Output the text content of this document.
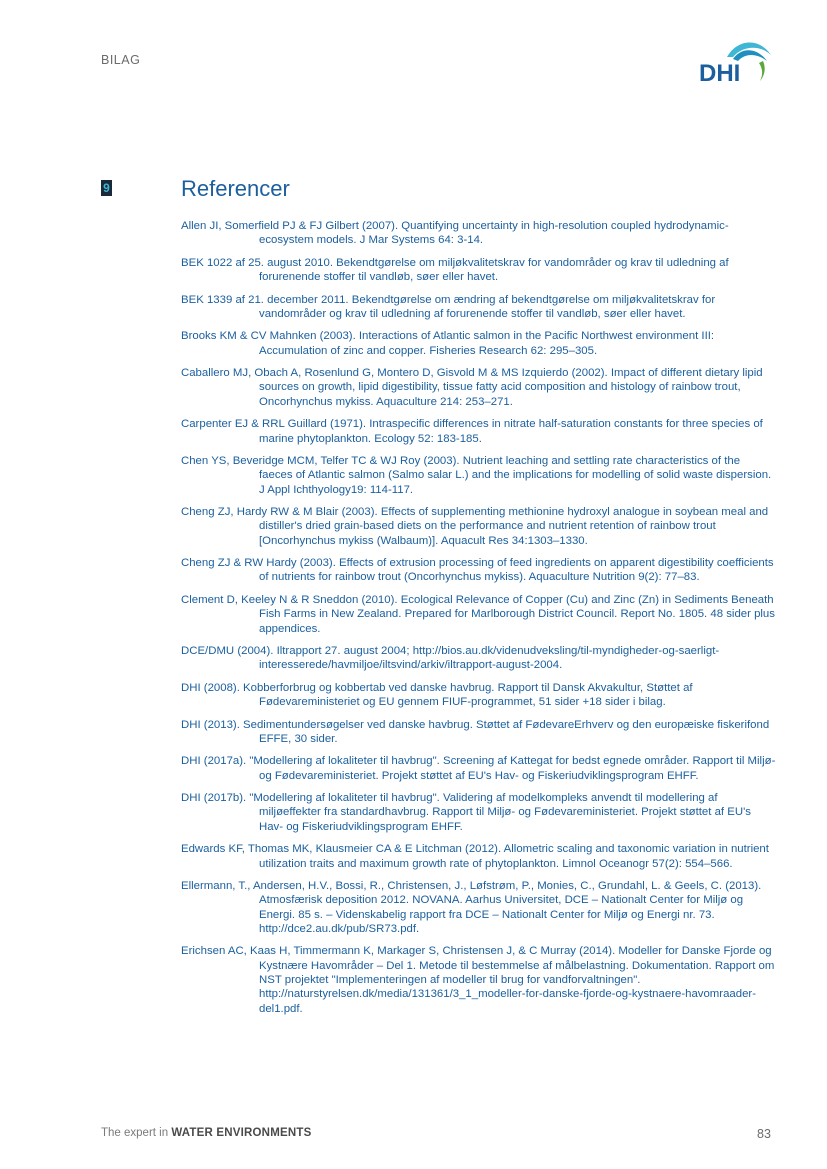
BILAG	DHI
9	Referencer
Allen JI, Somerfield PJ & FJ Gilbert (2007). Quantifying uncertainty in high-resolution coupled hydrodynamic-ecosystem models. J Mar Systems 64: 3-14.
BEK 1022 af 25. august 2010. Bekendtgørelse om miljøkvalitetskrav for vandområder og krav til udledning af forurenende stoffer til vandløb, søer eller havet.
BEK 1339 af 21. december 2011. Bekendtgørelse om ændring af bekendtgørelse om miljøkvalitetskrav for vandområder og krav til udledning af forurenende stoffer til vandløb, søer eller havet.
Brooks KM & CV Mahnken (2003). Interactions of Atlantic salmon in the Pacific Northwest environment III: Accumulation of zinc and copper. Fisheries Research 62: 295–305.
Caballero MJ, Obach A, Rosenlund G, Montero D, Gisvold M & MS Izquierdo (2002). Impact of different dietary lipid sources on growth, lipid digestibility, tissue fatty acid composition and histology of rainbow trout, Oncorhynchus mykiss. Aquaculture 214: 253–271.
Carpenter EJ & RRL Guillard (1971). Intraspecific differences in nitrate half-saturation constants for three species of marine phytoplankton. Ecology 52: 183-185.
Chen YS, Beveridge MCM, Telfer TC & WJ Roy (2003). Nutrient leaching and settling rate characteristics of the faeces of Atlantic salmon (Salmo salar L.) and the implications for modelling of solid waste dispersion. J Appl Ichthyology19: 114-117.
Cheng ZJ, Hardy RW & M Blair (2003). Effects of supplementing methionine hydroxyl analogue in soybean meal and distiller's dried grain-based diets on the performance and nutrient retention of rainbow trout [Oncorhynchus mykiss (Walbaum)]. Aquacult Res 34:1303–1330.
Cheng ZJ & RW Hardy (2003). Effects of extrusion processing of feed ingredients on apparent digestibility coefficients of nutrients for rainbow trout (Oncorhynchus mykiss). Aquaculture Nutrition 9(2): 77–83.
Clement D, Keeley N & R Sneddon (2010). Ecological Relevance of Copper (Cu) and Zinc (Zn) in Sediments Beneath Fish Farms in New Zealand. Prepared for Marlborough District Council. Report No. 1805. 48 sider plus appendices.
DCE/DMU (2004). Iltrapport 27. august 2004; http://bios.au.dk/videnudveksling/til-myndigheder-og-saerligt-interesserede/havmiljoe/iltsvind/arkiv/iltrapport-august-2004.
DHI (2008). Kobberforbrug og kobbertab ved danske havbrug. Rapport til Dansk Akvakultur, Støttet af Fødevareministeriet og EU gennem FIUF-programmet, 51 sider +18 sider i bilag.
DHI (2013). Sedimentundersøgelser ved danske havbrug. Støttet af FødevareErhverv og den europæiske fiskerifond EFFE, 30 sider.
DHI (2017a). "Modellering af lokaliteter til havbrug". Screening af Kattegat for bedst egnede områder. Rapport til Miljø- og Fødevareministeriet. Projekt støttet af EU's Hav- og Fiskeriudviklingsprogram EHFF.
DHI (2017b). "Modellering af lokaliteter til havbrug". Validering af modelkompleks anvendt til modellering af miljøeffekter fra standardhavbrug. Rapport til Miljø- og Fødevareministeriet. Projekt støttet af EU's Hav- og Fiskeriudviklingsprogram EHFF.
Edwards KF, Thomas MK, Klausmeier CA & E Litchman (2012). Allometric scaling and taxonomic variation in nutrient utilization traits and maximum growth rate of phytoplankton. Limnol Oceanogr 57(2): 554–566.
Ellermann, T., Andersen, H.V., Bossi, R., Christensen, J., Løfstrøm, P., Monies, C., Grundahl, L. & Geels, C. (2013). Atmosfærisk deposition 2012. NOVANA. Aarhus Universitet, DCE – Nationalt Center for Miljø og Energi. 85 s. – Videnskabelig rapport fra DCE – Nationalt Center for Miljø og Energi nr. 73. http://dce2.au.dk/pub/SR73.pdf.
Erichsen AC, Kaas H, Timmermann K, Markager S, Christensen J, & C Murray (2014). Modeller for Danske Fjorde og Kystnære Havområder – Del 1. Metode til bestemmelse af målbelastning. Dokumentation. Rapport om NST projektet "Implementeringen af modeller til brug for vandforvaltningen". http://naturstyrelsen.dk/media/131361/3_1_modeller-for-danske-fjorde-og-kystnaere-havomraader-del1.pdf.
The expert in WATER ENVIRONMENTS	83
